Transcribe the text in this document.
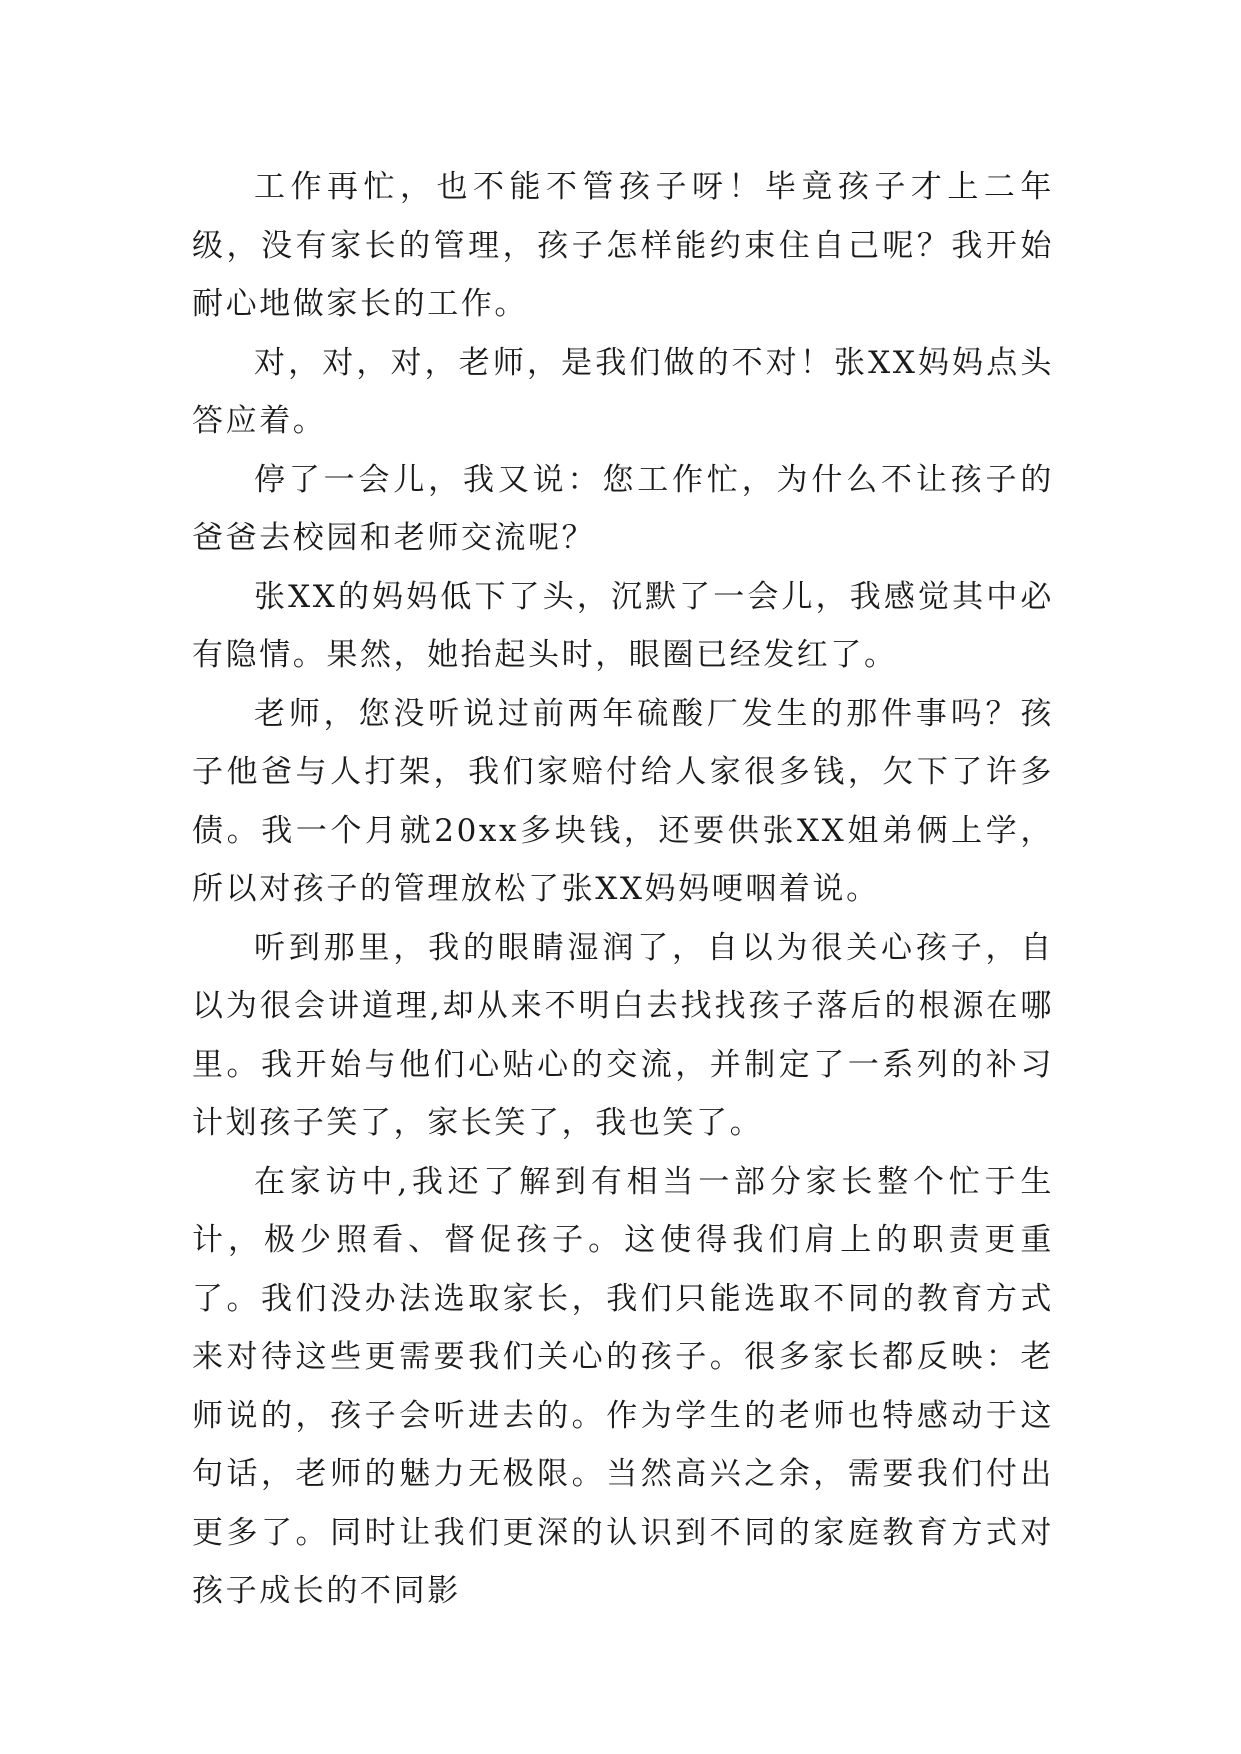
工作再忙，也不能不管孩子呀！毕竟孩子才上二年级，没有家长的管理，孩子怎样能约束住自己呢？我开始耐心地做家长的工作。

对，对，对，老师，是我们做的不对！张XX妈妈点头答应着。

停了一会儿，我又说：您工作忙，为什么不让孩子的爸爸去校园和老师交流呢？

张XX的妈妈低下了头，沉默了一会儿，我感觉其中必有隐情。果然，她抬起头时，眼圈已经发红了。

老师，您没听说过前两年硫酸厂发生的那件事吗？孩子他爸与人打架，我们家赔付给人家很多钱，欠下了许多债。我一个月就20xx多块钱，还要供张XX姐弟俩上学，所以对孩子的管理放松了张XX妈妈哽咽着说。

听到那里，我的眼睛湿润了，自以为很关心孩子，自以为很会讲道理,却从来不明白去找找孩子落后的根源在哪里。我开始与他们心贴心的交流，并制定了一系列的补习计划孩子笑了，家长笑了，我也笑了。

在家访中,我还了解到有相当一部分家长整个忙于生计，极少照看、督促孩子。这使得我们肩上的职责更重了。我们没办法选取家长，我们只能选取不同的教育方式来对待这些更需要我们关心的孩子。很多家长都反映：老师说的，孩子会听进去的。作为学生的老师也特感动于这句话，老师的魅力无极限。当然高兴之余，需要我们付出更多了。同时让我们更深的认识到不同的家庭教育方式对孩子成长的不同影
